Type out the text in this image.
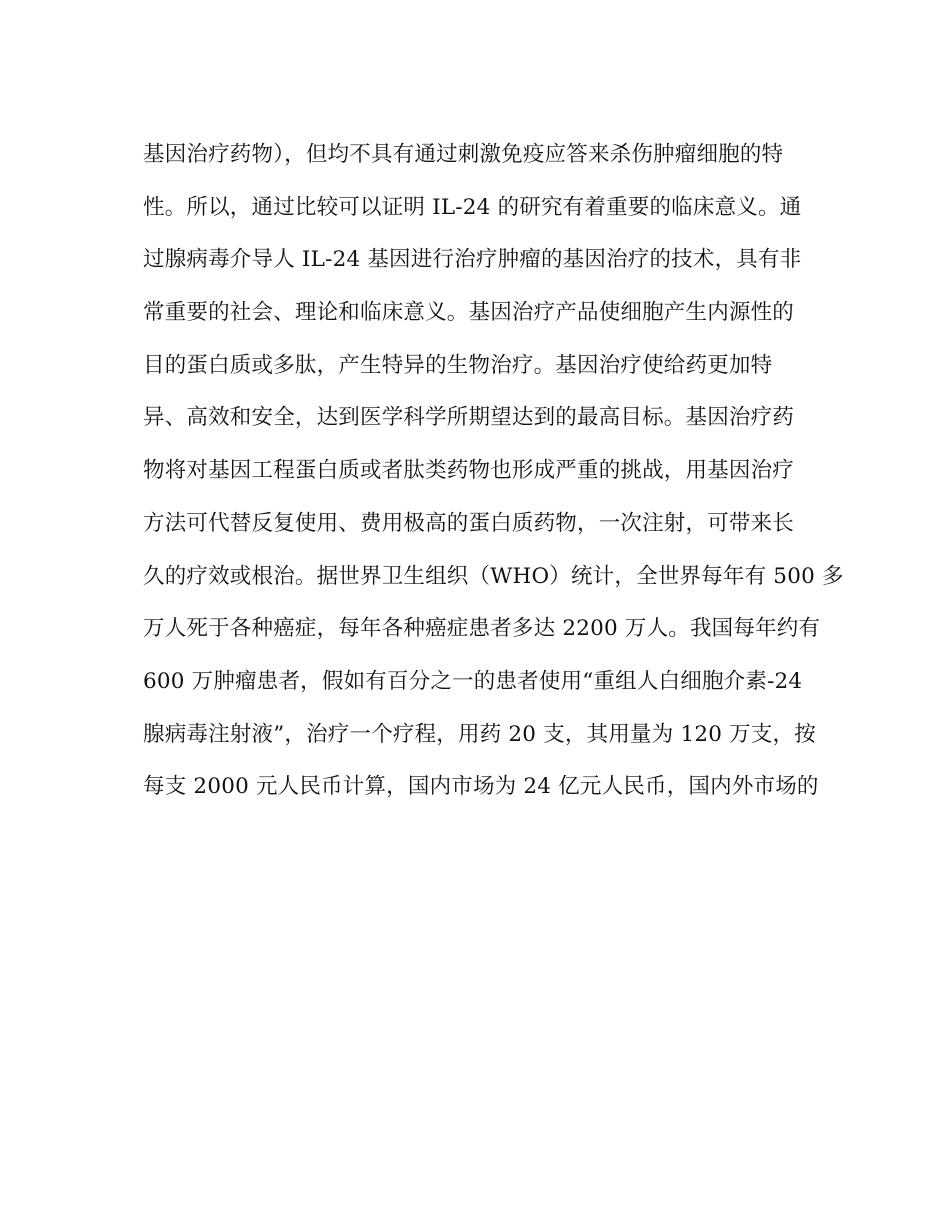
基因治疗药物），但均不具有通过刺激免疫应答来杀伤肿瘤细胞的特
性。所以，通过比较可以证明 IL-24 的研究有着重要的临床意义。通
过腺病毒介导人 IL-24 基因进行治疗肿瘤的基因治疗的技术，具有非
常重要的社会、理论和临床意义。基因治疗产品使细胞产生内源性的
目的蛋白质或多肽，产生特异的生物治疗。基因治疗使给药更加特
异、高效和安全，达到医学科学所期望达到的最高目标。基因治疗药
物将对基因工程蛋白质或者肽类药物也形成严重的挑战，用基因治疗
方法可代替反复使用、费用极高的蛋白质药物，一次注射，可带来长
久的疗效或根治。据世界卫生组织（WHO）统计，全世界每年有 500 多
万人死于各种癌症，每年各种癌症患者多达 2200 万人。我国每年约有
600 万肿瘤患者，假如有百分之一的患者使用“重组人白细胞介素-24
腺病毒注射液”，治疗一个疗程，用药 20 支，其用量为 120 万支，按
每支 2000 元人民币计算，国内市场为 24 亿元人民币，国内外市场的
